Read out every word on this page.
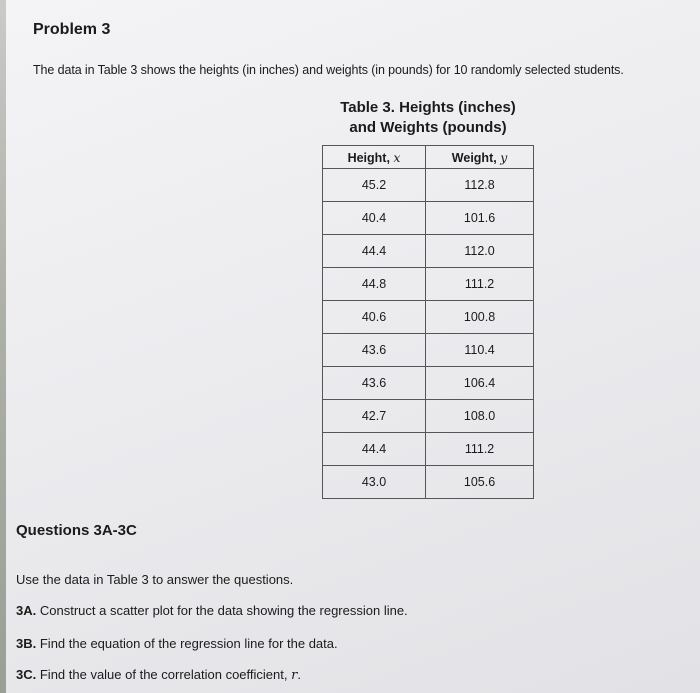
Problem 3
The data in Table 3 shows the heights (in inches) and weights (in pounds) for 10 randomly selected students.
Table 3. Heights (inches)
and Weights (pounds)
Height, x	Weight, y
45.2	112.8
40.4	101.6
44.4	112.0
44.8	111.2
40.6	100.8
43.6	110.4
43.6	106.4
42.7	108.0
44.4	111.2
43.0	105.6
Questions 3A-3C
Use the data in Table 3 to answer the questions.
3A. Construct a scatter plot for the data showing the regression line.
3B. Find the equation of the regression line for the data.
3C. Find the value of the correlation coefficient, r.
